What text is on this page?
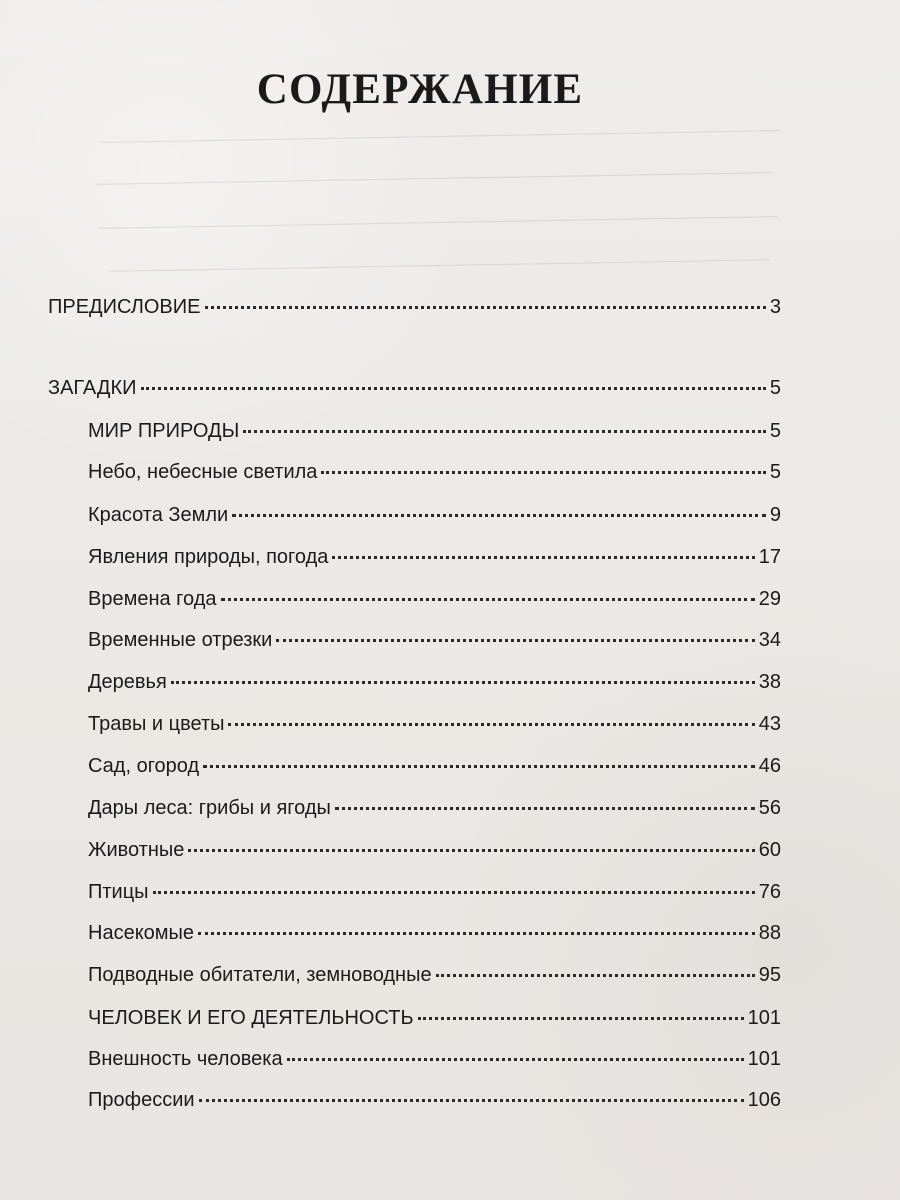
СОДЕРЖАНИЕ
ПРЕДИСЛОВИЕ	3
ЗАГАДКИ	5
МИР ПРИРОДЫ	5
Небо, небесные светила	5
Красота Земли	9
Явления природы, погода	17
Времена года	29
Временные отрезки	34
Деревья	38
Травы и цветы	43
Сад, огород	46
Дары леса: грибы и ягоды	56
Животные	60
Птицы	76
Насекомые	88
Подводные обитатели, земноводные	95
ЧЕЛОВЕК И ЕГО ДЕЯТЕЛЬНОСТЬ	101
Внешность человека	101
Профессии	106
